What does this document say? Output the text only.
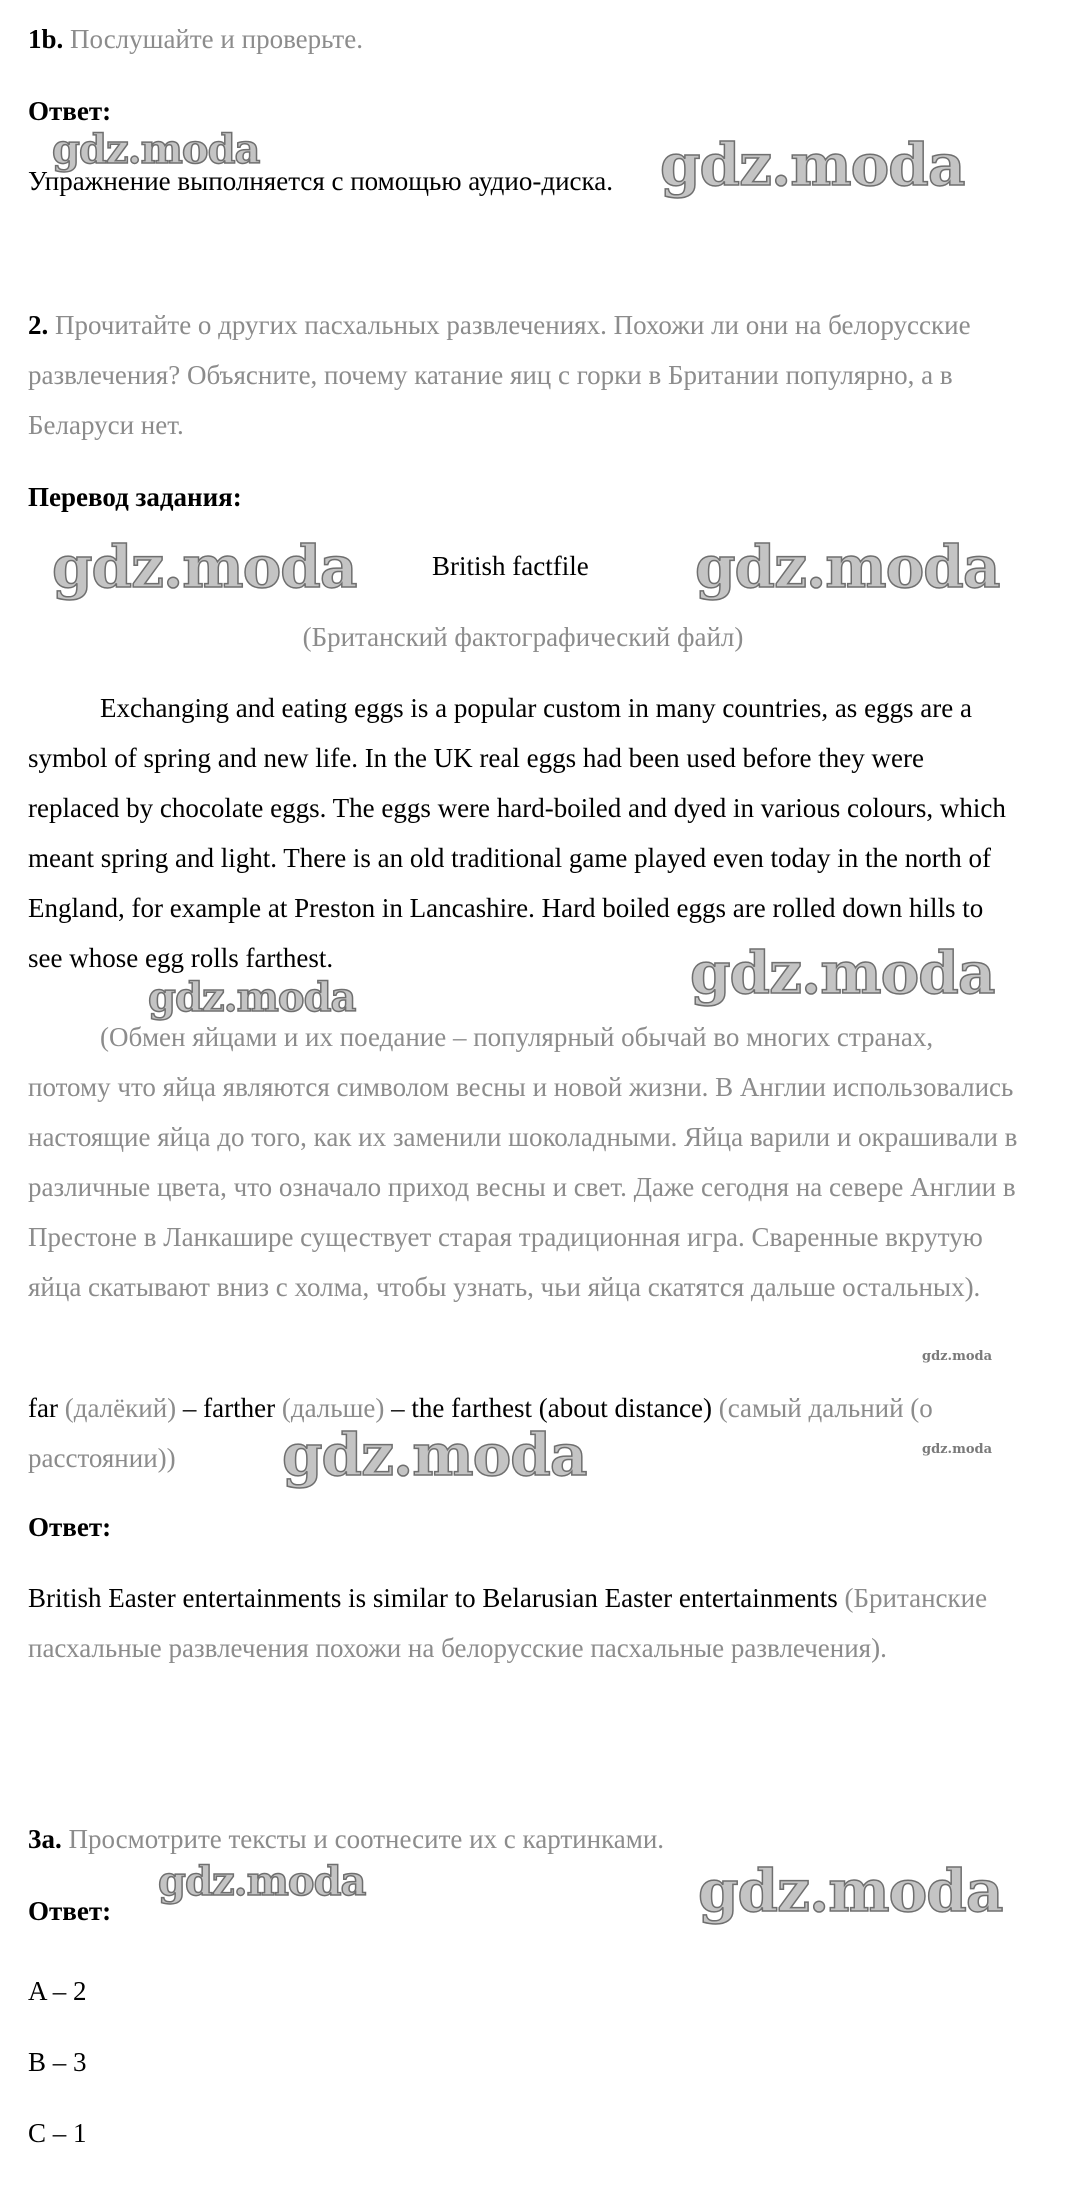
1b. Послушайте и проверьте.

Ответ:

Упражнение выполняется с помощью аудио-диска.

2. Прочитайте о других пасхальных развлечениях. Похожи ли они на белорусские развлечения? Объясните, почему катание яиц с горки в Британии популярно, а в Беларуси нет.

Перевод задания:

British factfile

(Британский фактографический файл)

Exchanging and eating eggs is a popular custom in many countries, as eggs are a symbol of spring and new life. In the UK real eggs had been used before they were replaced by chocolate eggs. The eggs were hard-boiled and dyed in various colours, which meant spring and light. There is an old traditional game played even today in the north of England, for example at Preston in Lancashire. Hard boiled eggs are rolled down hills to see whose egg rolls farthest.

(Обмен яйцами и их поедание – популярный обычай во многих странах, потому что яйца являются символом весны и новой жизни. В Англии использовались настоящие яйца до того, как их заменили шоколадными. Яйца варили и окрашивали в различные цвета, что означало приход весны и свет. Даже сегодня на севере Англии в Престоне в Ланкашире существует старая традиционная игра. Сваренные вкрутую яйца скатывают вниз с холма, чтобы узнать, чьи яйца скатятся дальше остальных).

far (далёкий) – farther (дальше) – the farthest (about distance) (самый дальний (о расстоянии))

Ответ:

British Easter entertainments is similar to Belarusian Easter entertainments (Британские пасхальные развлечения похожи на белорусские пасхальные развлечения).

3a. Просмотрите тексты и соотнесите их с картинками.

Ответ:

A – 2

B – 3

C – 1

gdz.moda	gdz.moda
gdz.moda	gdz.moda
gdz.moda
gdz.moda
gdz.moda
gdz.moda	gdz.moda
gdz.moda	gdz.moda
